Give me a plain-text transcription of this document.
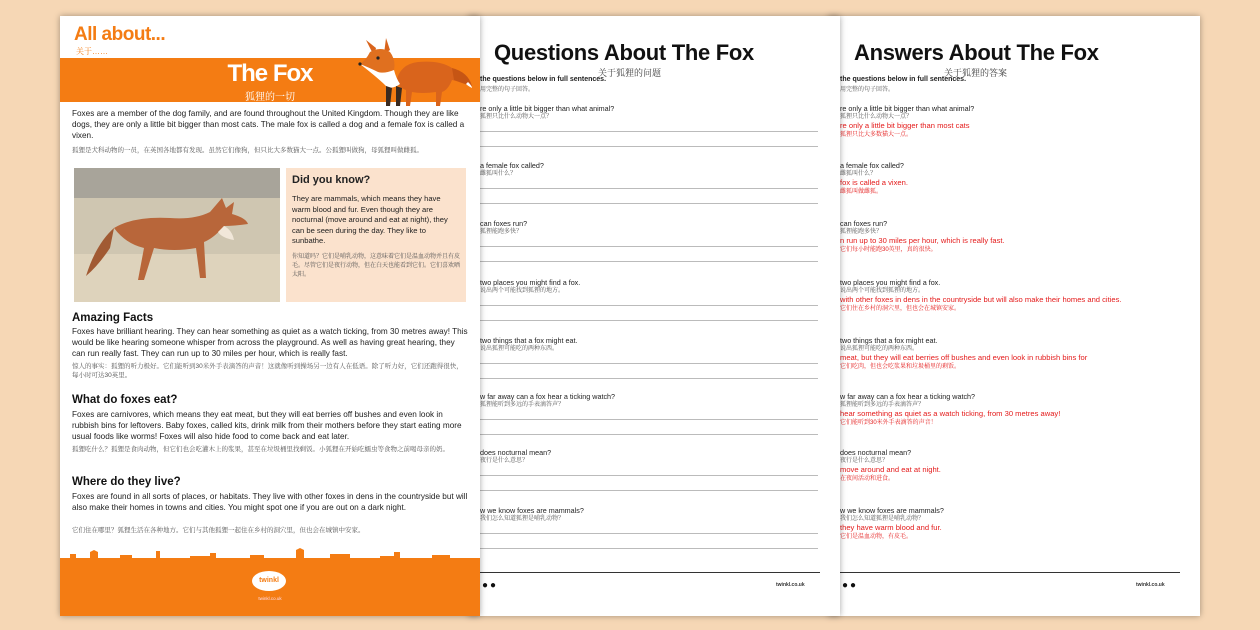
Answers About The Fox
关于狐狸的答案
the questions below in full sentences.
用完整的句子回答。
re only a little bit bigger than what animal?
狐狸只比什么动物大一点？
re only a little bit bigger than most cats
狐狸只比大多数猫大一点。
a female fox called?
雌狐叫什么？
fox is called a vixen.
雌狐叫做雌狐。
can foxes run?
狐狸能跑多快？
n run up to 30 miles per hour, which is really fast.
它们每小时能跑30英里，真的很快。
two places you might find a fox.
说出两个可能找到狐狸的地方。
with other foxes in dens in the countryside but will also make their homes and cities.
它们住在乡村的洞穴里，但也会在城镇安家。
two things that a fox might eat.
说出狐狸可能吃的两种东西。
meat, but they will eat berries off bushes and even look in rubbish bins for
它们吃肉，但也会吃浆果和垃圾桶里的剩饭。
w far away can a fox hear a ticking watch?
狐狸能听到多远的手表滴答声？
hear something as quiet as a watch ticking, from 30 metres away!
它们能听到30米外手表滴答的声音！
does nocturnal mean?
夜行是什么意思？
move around and eat at night.
在夜间活动和进食。
w we know foxes are mammals?
我们怎么知道狐狸是哺乳动物？
they have warm blood and fur.
它们是温血动物，有皮毛。
●●	twinkl.co.uk
Questions About The Fox
关于狐狸的问题
the questions below in full sentences.
用完整的句子回答。
re only a little bit bigger than what animal?
狐狸只比什么动物大一点？
a female fox called?
雌狐叫什么？
can foxes run?
狐狸能跑多快？
two places you might find a fox.
说出两个可能找到狐狸的地方。
two things that a fox might eat.
说出狐狸可能吃的两种东西。
w far away can a fox hear a ticking watch?
狐狸能听到多远的手表滴答声？
does nocturnal mean?
夜行是什么意思？
w we know foxes are mammals?
我们怎么知道狐狸是哺乳动物？
●●	twinkl.co.uk
All about...
关于……
The Fox
狐狸的一切
Foxes are a member of the dog family, and are found throughout the United Kingdom. Though they are like dogs, they are only a little bit bigger than most cats. The male fox is called a dog and a female fox is called a vixen.
狐狸是犬科动物的一员，在英国各地都有发现。虽然它们像狗，但只比大多数猫大一点。公狐狸叫做狗，母狐狸叫做雌狐。
Did you know?
They are mammals, which means they have warm blood and fur. Even though they are nocturnal (move around and eat at night), they can be seen during the day. They like to sunbathe.
你知道吗？它们是哺乳动物，这意味着它们是温血动物并且有皮毛。尽管它们是夜行动物，但在白天也能看到它们。它们喜欢晒太阳。
Amazing Facts
Foxes have brilliant hearing. They can hear something as quiet as a watch ticking, from 30 metres away! This would be like hearing someone whisper from across the playground. As well as having great hearing, they can run really fast. They can run up to 30 miles per hour, which is really fast.
惊人的事实：狐狸的听力极好。它们能听到30米外手表滴答的声音！这就像听到操场另一边有人在低语。除了听力好，它们还跑得很快，每小时可达30英里。
What do foxes eat?
Foxes are carnivores, which means they eat meat, but they will eat berries off bushes and even look in rubbish bins for leftovers. Baby foxes, called kits, drink milk from their mothers before they start eating more usual foods like worms! Foxes will also hide food to come back and eat later.
狐狸吃什么？狐狸是食肉动物，但它们也会吃灌木上的浆果，甚至在垃圾桶里找剩饭。小狐狸在开始吃蠕虫等食物之前喝母亲的奶。
Where do they live?
Foxes are found in all sorts of places, or habitats. They live with other foxes in dens in the countryside but will also make their homes in towns and cities. You might spot one if you are out on a dark night.
它们住在哪里？狐狸生活在各种地方。它们与其他狐狸一起住在乡村的洞穴里，但也会在城镇中安家。
twinkl
twinkl.co.uk
